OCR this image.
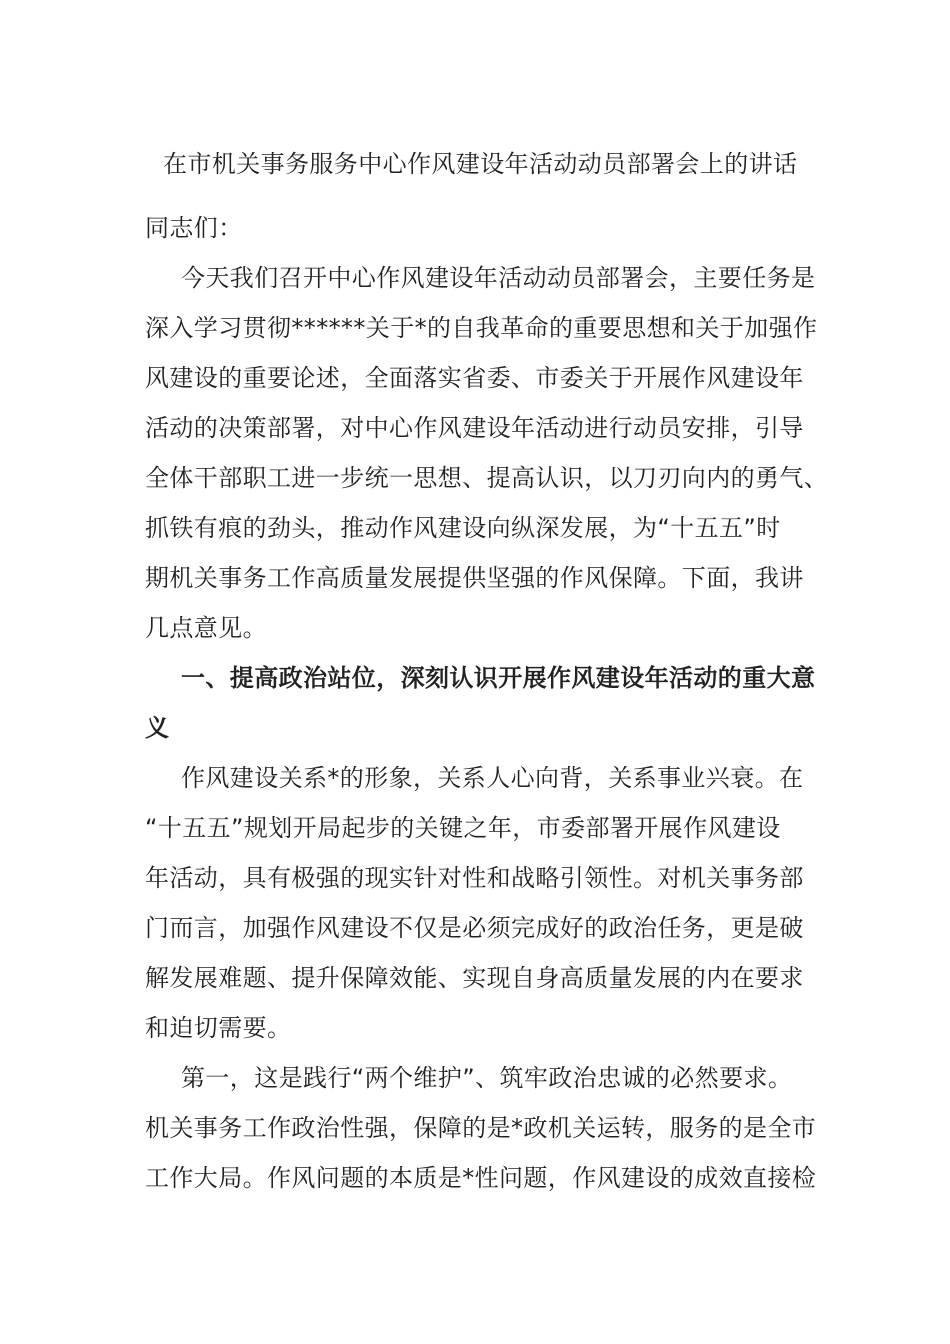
在市机关事务服务中心作风建设年活动动员部署会上的讲话
同志们：
今天我们召开中心作风建设年活动动员部署会，主要任务是
深入学习贯彻******关于*的自我革命的重要思想和关于加强作
风建设的重要论述，全面落实省委、市委关于开展作风建设年
活动的决策部署，对中心作风建设年活动进行动员安排，引导
全体干部职工进一步统一思想、提高认识，以刀刃向内的勇气、
抓铁有痕的劲头，推动作风建设向纵深发展，为“十五五”时
期机关事务工作高质量发展提供坚强的作风保障。下面，我讲
几点意见。
一、提高政治站位，深刻认识开展作风建设年活动的重大意
义
作风建设关系*的形象，关系人心向背，关系事业兴衰。在
“十五五”规划开局起步的关键之年，市委部署开展作风建设
年活动，具有极强的现实针对性和战略引领性。对机关事务部
门而言，加强作风建设不仅是必须完成好的政治任务，更是破
解发展难题、提升保障效能、实现自身高质量发展的内在要求
和迫切需要。
第一，这是践行“两个维护”、筑牢政治忠诚的必然要求。
机关事务工作政治性强，保障的是*政机关运转，服务的是全市
工作大局。作风问题的本质是*性问题，作风建设的成效直接检
